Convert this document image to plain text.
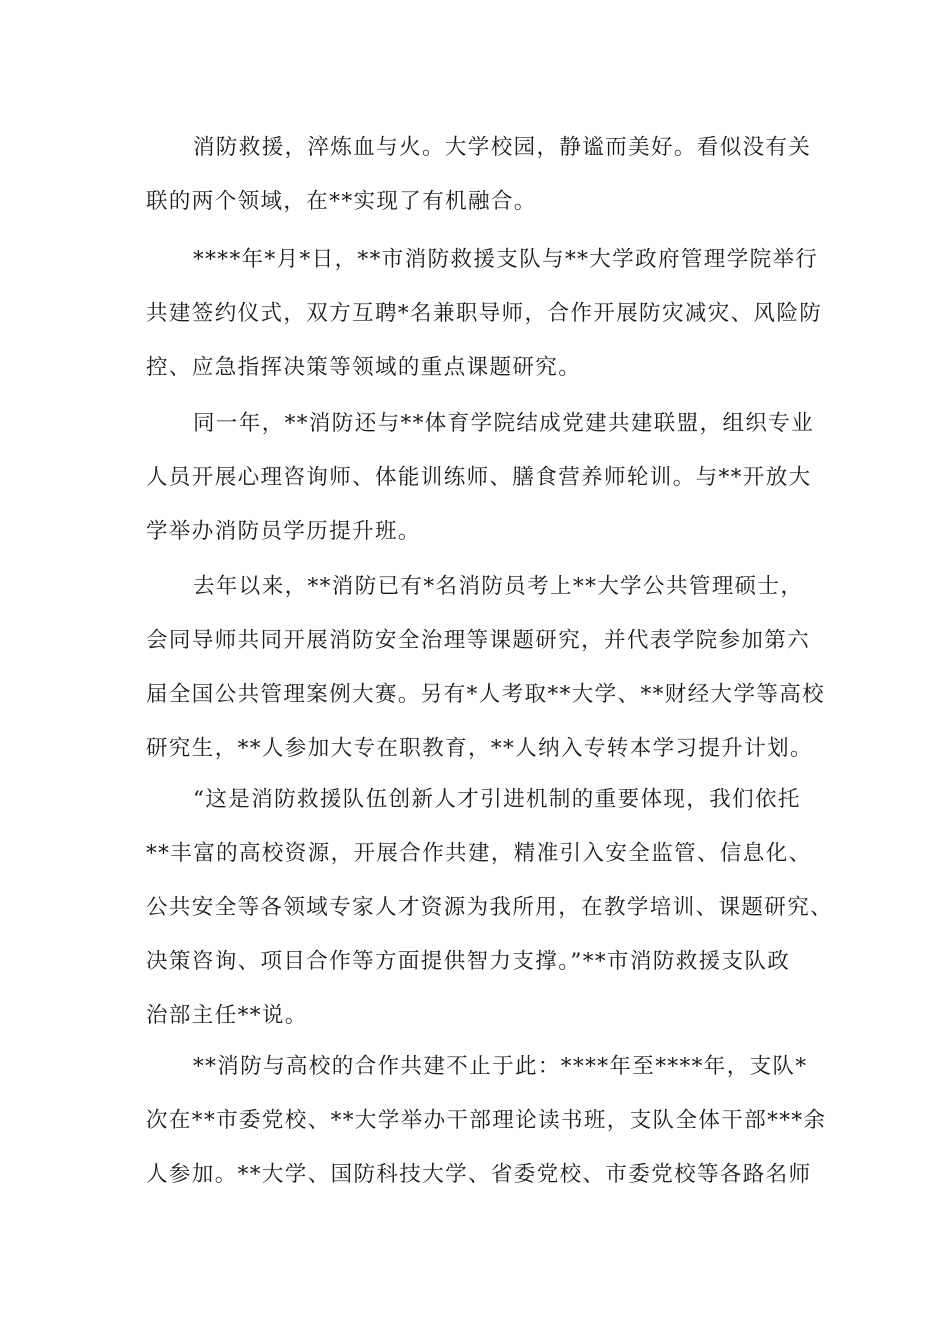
消防救援，淬炼血与火。大学校园，静谧而美好。看似没有关
联的两个领域，在**实现了有机融合。
****年*月*日，**市消防救援支队与**大学政府管理学院举行
共建签约仪式，双方互聘*名兼职导师，合作开展防灾减灾、风险防
控、应急指挥决策等领域的重点课题研究。
同一年，**消防还与**体育学院结成党建共建联盟，组织专业
人员开展心理咨询师、体能训练师、膳食营养师轮训。与**开放大
学举办消防员学历提升班。
去年以来，**消防已有*名消防员考上**大学公共管理硕士，
会同导师共同开展消防安全治理等课题研究，并代表学院参加第六
届全国公共管理案例大赛。另有*人考取**大学、**财经大学等高校
研究生，**人参加大专在职教育，**人纳入专转本学习提升计划。
“这是消防救援队伍创新人才引进机制的重要体现，我们依托
**丰富的高校资源，开展合作共建，精准引入安全监管、信息化、
公共安全等各领域专家人才资源为我所用，在教学培训、课题研究、
决策咨询、项目合作等方面提供智力支撑。”**市消防救援支队政
治部主任**说。
**消防与高校的合作共建不止于此：****年至****年，支队*
次在**市委党校、**大学举办干部理论读书班，支队全体干部***余
人参加。**大学、国防科技大学、省委党校、市委党校等各路名师
